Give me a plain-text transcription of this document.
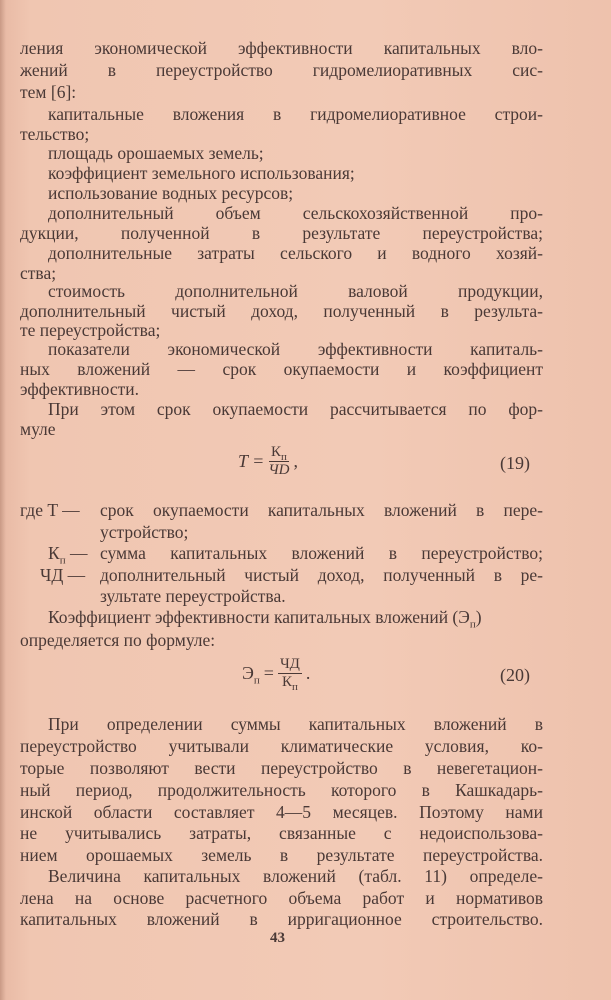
ления экономической эффективности капитальных вло-
жений в переустройство гидромелиоративных сис-
тем [6]:
капитальные вложения в гидромелиоративное строи-
тельство;
площадь орошаемых земель;
коэффициент земельного использования;
использование водных ресурсов;
дополнительный объем сельскохозяйственной про-
дукции, полученной в результате переустройства;
дополнительные затраты сельского и водного хозяй-
ства;
стоимость дополнительной валовой продукции,
дополнительный чистый доход, полученный в результа-
те переустройства;
показатели экономической эффективности капиталь-
ных вложений — срок окупаемости и коэффициент
эффективности.
При этом срок окупаемости рассчитывается по фор-
муле
$T = \frac{К_п}{ЧD}$ ,	(19)
где T — срок окупаемости капитальных вложений в пере-
устройство;
$К_п$ — сумма капитальных вложений в переустройство;
ЧД — дополнительный чистый доход, полученный в ре-
зультате переустройства.
Коэффициент эффективности капитальных вложений $(Э_п)$
определяется по формуле:
$Э_п = \frac{ЧД}{К_п}$ .	(20)
При определении суммы капитальных вложений в
переустройство учитывали климатические условия, ко-
торые позволяют вести переустройство в невегетацион-
ный период, продолжительность которого в Кашкадарь-
инской области составляет 4—5 месяцев. Поэтому нами
не учитывались затраты, связанные с недоиспользова-
нием орошаемых земель в результате переустройства.
Величина капитальных вложений (табл. 11) определе-
лена на основе расчетного объема работ и нормативов
капитальных вложений в ирригационное строительство.
43
